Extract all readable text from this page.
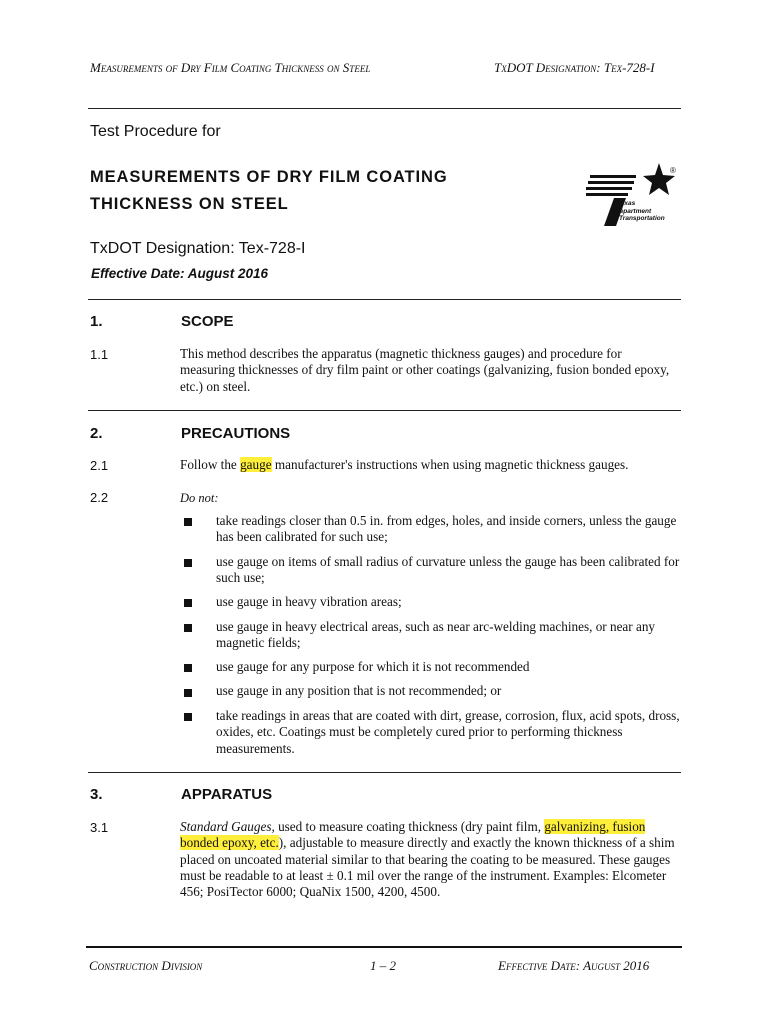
Measurements of Dry Film Coating Thickness on Steel	TxDOT Designation: Tex-728-I
Test Procedure for
MEASUREMENTS OF DRY FILM COATING
THICKNESS ON STEEL
TxDOT Designation: Tex-728-I
Effective Date: August 2016
Texas
Department
of Transportation
®
1.	SCOPE
1.1	This method describes the apparatus (magnetic thickness gauges) and procedure for measuring thicknesses of dry film paint or other coatings (galvanizing, fusion bonded epoxy, etc.) on steel.
2.	PRECAUTIONS
2.1	Follow the gauge manufacturer's instructions when using magnetic thickness gauges.
2.2	Do not:
take readings closer than 0.5 in. from edges, holes, and inside corners, unless the gauge has been calibrated for such use;
use gauge on items of small radius of curvature unless the gauge has been calibrated for such use;
use gauge in heavy vibration areas;
use gauge in heavy electrical areas, such as near arc-welding machines, or near any magnetic fields;
use gauge for any purpose for which it is not recommended
use gauge in any position that is not recommended; or
take readings in areas that are coated with dirt, grease, corrosion, flux, acid spots, dross, oxides, etc. Coatings must be completely cured prior to performing thickness measurements.
3.	APPARATUS
3.1	Standard Gauges, used to measure coating thickness (dry paint film, galvanizing, fusion bonded epoxy, etc.), adjustable to measure directly and exactly the known thickness of a shim placed on uncoated material similar to that bearing the coating to be measured. These gauges must be readable to at least ± 0.1 mil over the range of the instrument. Examples: Elcometer 456; PosiTector 6000; QuaNix 1500, 4200, 4500.
Construction Division	1 – 2	Effective Date: August 2016
